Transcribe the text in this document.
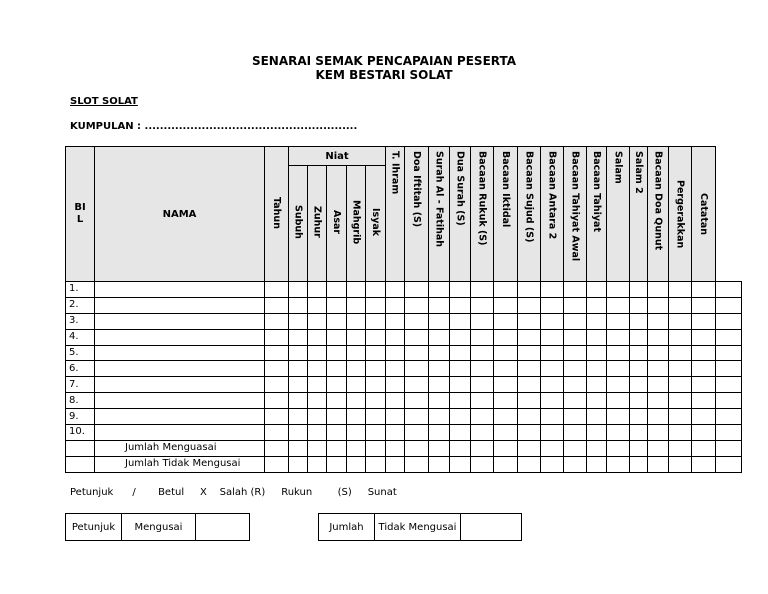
SENARAI SEMAK PENCAPAIAN PESERTA
KEM BESTARI SOLAT
SLOT SOLAT
KUMPULAN : ........................................................
BI L	NAMA	Tahun	Niat					T. Ihram	Doa Iftitah (S)	Surah Al - Fatihah	Dua Surah (S)	Bacaan Rukuk (S)	Bacaan Iktidal	Bacaan Sujud (S)	Bacaan Antara 2	Bacaan Tahiyat Awal	Bacaan Tahiyat	Salam	Salam 2	Bacaan Doa Qunut	Pergerakkan	Catatan	
			Subuh	Zuhur	Asar	Mahgrib	Isyak																
1.																							
2.																							
3.																							
4.																							
5.																							
6.																							
7.																							
8.																							
9.																							
10.																							
	Jumlah Menguasai																						
	Jumlah Tidak Mengusai																						
Petunjuk / Betul X Salah (R) Rukun	(S) Sunat
Petunjuk	Mengusai		Jumlah	Tidak Mengusai	
